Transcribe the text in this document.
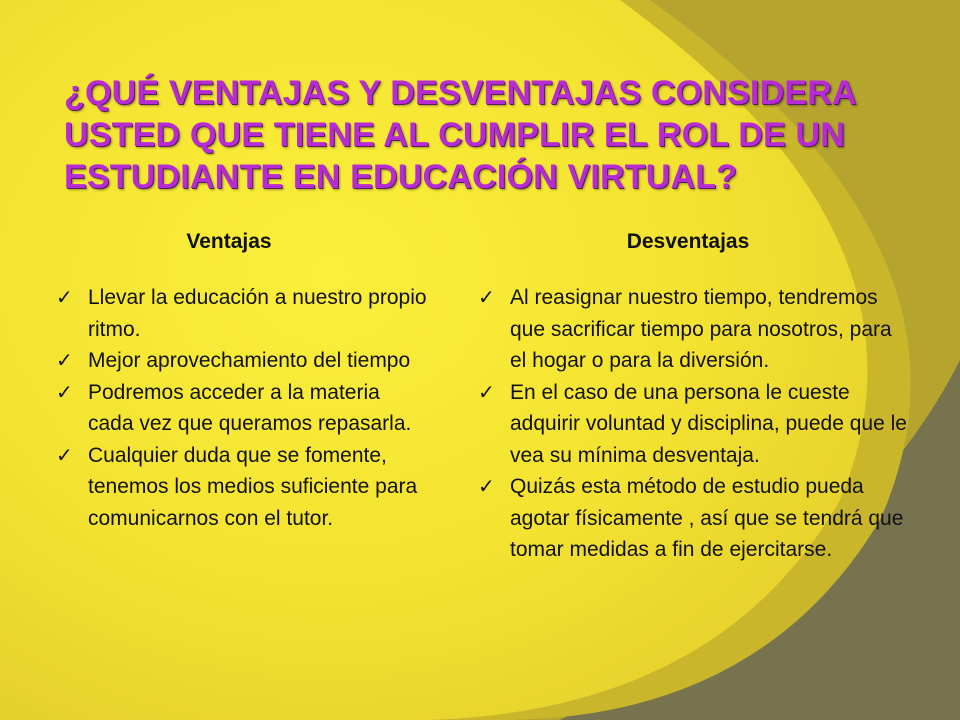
¿QUÉ VENTAJAS Y DESVENTAJAS CONSIDERA USTED QUE TIENE AL CUMPLIR EL ROL DE UN ESTUDIANTE EN EDUCACIÓN VIRTUAL?
Ventajas
✓ Llevar la educación a nuestro propio ritmo.
✓ Mejor aprovechamiento del tiempo
✓ Podremos acceder a la materia cada vez que queramos repasarla.
✓ Cualquier duda que se fomente, tenemos los medios suficiente para comunicarnos con el tutor.
Desventajas
✓ Al reasignar nuestro tiempo, tendremos que sacrificar tiempo para nosotros, para el hogar o para la diversión.
✓ En el caso de una persona le cueste adquirir voluntad y disciplina, puede que le vea su mínima desventaja.
✓ Quizás esta método de estudio pueda agotar físicamente , así que se tendrá que tomar medidas a fin de ejercitarse.
